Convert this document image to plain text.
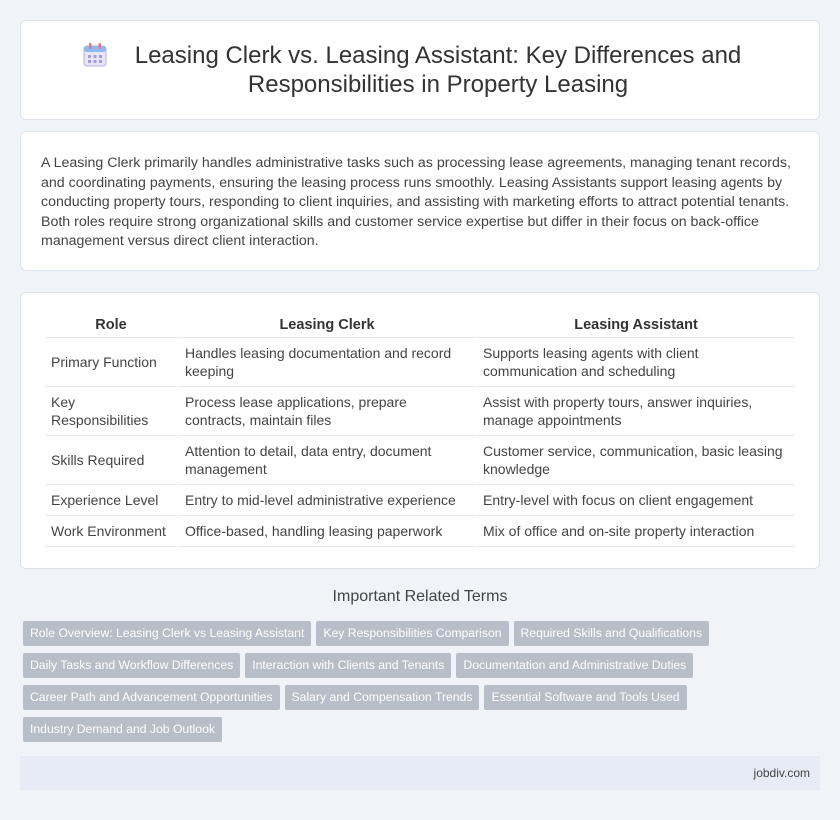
Leasing Clerk vs. Leasing Assistant: Key Differences and Responsibilities in Property Leasing

A Leasing Clerk primarily handles administrative tasks such as processing lease agreements, managing tenant records, and coordinating payments, ensuring the leasing process runs smoothly. Leasing Assistants support leasing agents by conducting property tours, responding to client inquiries, and assisting with marketing efforts to attract potential tenants. Both roles require strong organizational skills and customer service expertise but differ in their focus on back-office management versus direct client interaction.

Role	Leasing Clerk	Leasing Assistant
Primary Function	Handles leasing documentation and record keeping	Supports leasing agents with client communication and scheduling
Key Responsibilities	Process lease applications, prepare contracts, maintain files	Assist with property tours, answer inquiries, manage appointments
Skills Required	Attention to detail, data entry, document management	Customer service, communication, basic leasing knowledge
Experience Level	Entry to mid-level administrative experience	Entry-level with focus on client engagement
Work Environment	Office-based, handling leasing paperwork	Mix of office and on-site property interaction
Important Related Terms
Role Overview: Leasing Clerk vs Leasing Assistant Key Responsibilities Comparison Required Skills and Qualifications
Daily Tasks and Workflow Differences Interaction with Clients and Tenants Documentation and Administrative Duties
Career Path and Advancement Opportunities Salary and Compensation Trends Essential Software and Tools Used
Industry Demand and Job Outlook
jobdiv.com
